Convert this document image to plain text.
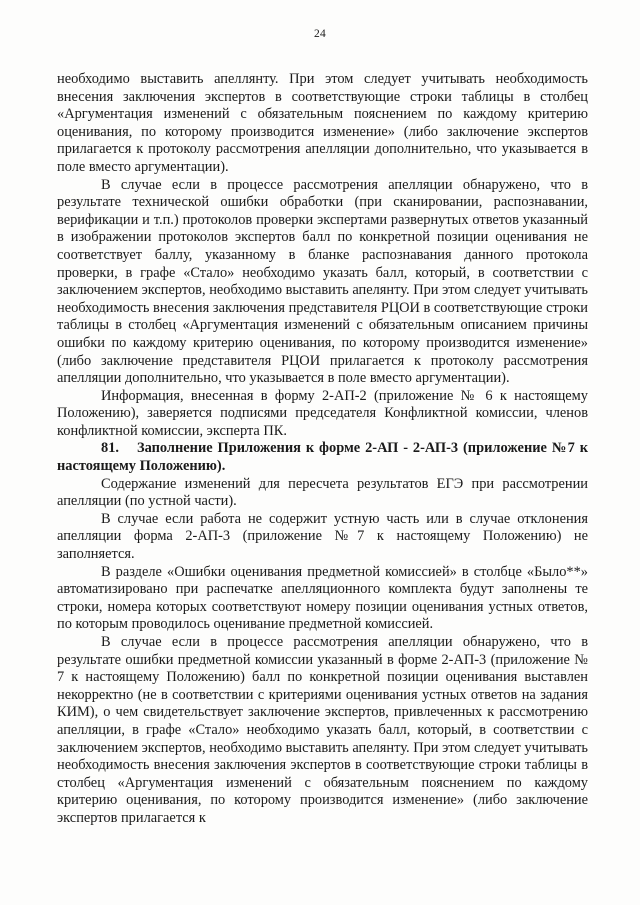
24

необходимо выставить апеллянту. При этом следует учитывать необходимость внесения заключения экспертов в соответствующие строки таблицы в столбец «Аргументация изменений с обязательным пояснением по каждому критерию оценивания, по которому производится изменение» (либо заключение экспертов прилагается к протоколу рассмотрения апелляции дополнительно, что указывается в поле вместо аргументации).

В случае если в процессе рассмотрения апелляции обнаружено, что в результате технической ошибки обработки (при сканировании, распознавании, верификации и т.п.) протоколов проверки экспертами развернутых ответов указанный в изображении протоколов экспертов балл по конкретной позиции оценивания не соответствует баллу, указанному в бланке распознавания данного протокола проверки, в графе «Стало» необходимо указать балл, который, в соответствии с заключением экспертов, необходимо выставить апелянту. При этом следует учитывать необходимость внесения заключения представителя РЦОИ в соответствующие строки таблицы в столбец «Аргументация изменений с обязательным описанием причины ошибки по каждому критерию оценивания, по которому производится изменение» (либо заключение представителя РЦОИ прилагается к протоколу рассмотрения апелляции дополнительно, что указывается в поле вместо аргументации).

Информация, внесенная в форму 2-АП-2 (приложение № 6 к настоящему Положению), заверяется подписями председателя Конфликтной комиссии, членов конфликтной комиссии, эксперта ПК.

81. Заполнение Приложения к форме 2-АП - 2-АП-3 (приложение №7 к настоящему Положению).

Содержание изменений для пересчета результатов ЕГЭ при рассмотрении апелляции (по устной части).

В случае если работа не содержит устную часть или в случае отклонения апелляции форма 2-АП-3 (приложение №7 к настоящему Положению) не заполняется.

В разделе «Ошибки оценивания предметной комиссией» в столбце «Было**» автоматизировано при распечатке апелляционного комплекта будут заполнены те строки, номера которых соответствуют номеру позиции оценивания устных ответов, по которым проводилось оценивание предметной комиссией.

В случае если в процессе рассмотрения апелляции обнаружено, что в результате ошибки предметной комиссии указанный в форме 2-АП-3 (приложение № 7 к настоящему Положению) балл по конкретной позиции оценивания выставлен некорректно (не в соответствии с критериями оценивания устных ответов на задания КИМ), о чем свидетельствует заключение экспертов, привлеченных к рассмотрению апелляции, в графе «Стало» необходимо указать балл, который, в соответствии с заключением экспертов, необходимо выставить апелянту. При этом следует учитывать необходимость внесения заключения экспертов в соответствующие строки таблицы в столбец «Аргументация изменений с обязательным пояснением по каждому критерию оценивания, по которому производится изменение» (либо заключение экспертов прилагается к
